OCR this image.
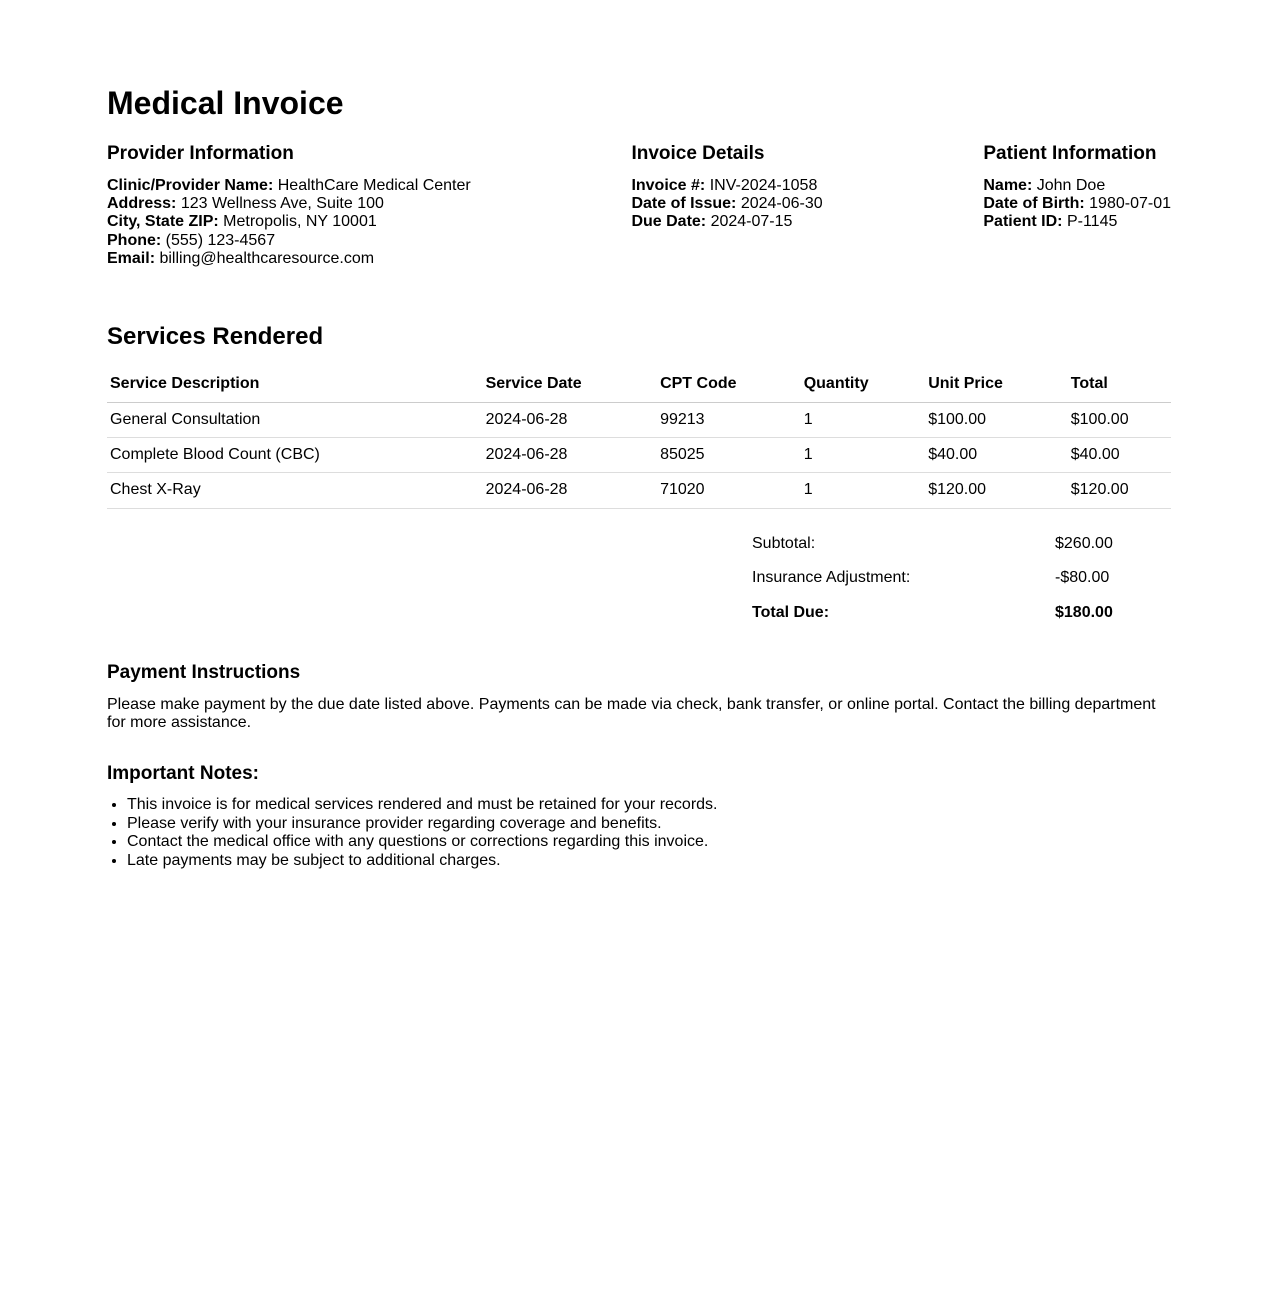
Medical Invoice
Provider Information

Clinic/Provider Name: HealthCare Medical Center
Address: 123 Wellness Ave, Suite 100
City, State ZIP: Metropolis, NY 10001
Phone: (555) 123-4567
Email: billing@healthcaresource.com

Invoice Details

Invoice #: INV-2024-1058
Date of Issue: 2024-06-30
Due Date: 2024-07-15

Patient Information

Name: John Doe
Date of Birth: 1980-07-01
Patient ID: P-1145

Services Rendered
Service Description	Service Date	CPT Code	Quantity	Unit Price	Total
General Consultation	2024-06-28	99213	1	$100.00	$100.00
Complete Blood Count (CBC)	2024-06-28	85025	1	$40.00	$40.00
Chest X-Ray	2024-06-28	71020	1	$120.00	$120.00
Subtotal:	$260.00
Insurance Adjustment:	-$80.00
Total Due:	$180.00
Payment Instructions

Please make payment by the due date listed above. Payments can be made via check, bank transfer, or online portal. Contact the billing department for more assistance.

Important Notes:
• This invoice is for medical services rendered and must be retained for your records.
• Please verify with your insurance provider regarding coverage and benefits.
• Contact the medical office with any questions or corrections regarding this invoice.
• Late payments may be subject to additional charges.
